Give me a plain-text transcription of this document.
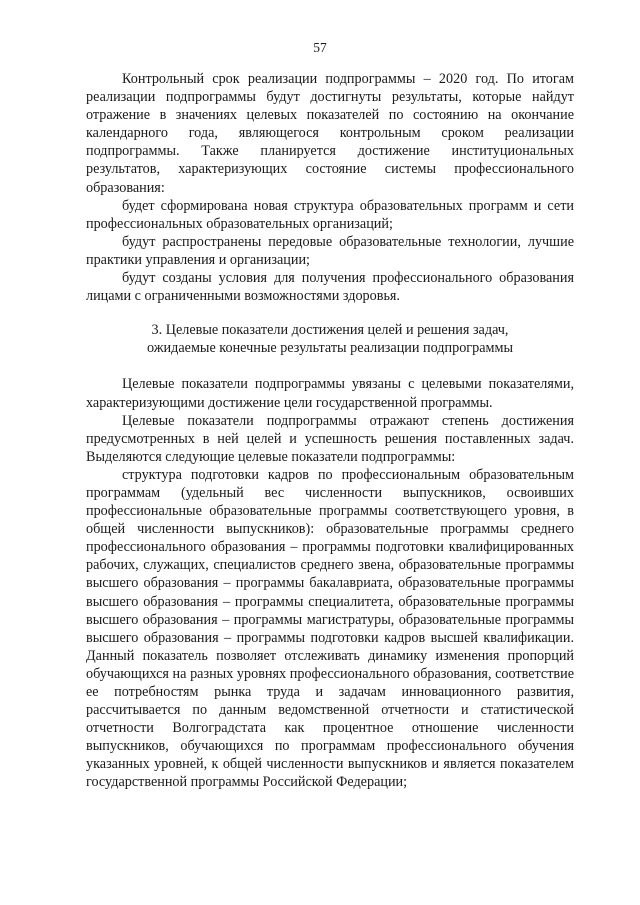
57

Контрольный срок реализации подпрограммы – 2020 год. По итогам реализации подпрограммы будут достигнуты результаты, которые найдут отражение в значениях целевых показателей по состоянию на окончание календарного года, являющегося контрольным сроком реализации подпрограммы. Также планируется достижение институциональных результатов, характеризующих состояние системы профессионального образования:

будет сформирована новая структура образовательных программ и сети профессиональных образовательных организаций;

будут распространены передовые образовательные технологии, лучшие практики управления и организации;

будут созданы условия для получения профессионального образования лицами с ограниченными возможностями здоровья.

3. Целевые показатели достижения целей и решения задач,
ожидаемые конечные результаты реализации подпрограммы

Целевые показатели подпрограммы увязаны с целевыми показателями, характеризующими достижение цели государственной программы.

Целевые показатели подпрограммы отражают степень достижения предусмотренных в ней целей и успешность решения поставленных задач. Выделяются следующие целевые показатели подпрограммы:

структура подготовки кадров по профессиональным образовательным программам (удельный вес численности выпускников, освоивших профессиональные образовательные программы соответствующего уровня, в общей численности выпускников): образовательные программы среднего профессионального образования – программы подготовки квалифицированных рабочих, служащих, специалистов среднего звена, образовательные программы высшего образования – программы бакалавриата, образовательные программы высшего образования – программы специалитета, образовательные программы высшего образования – программы магистратуры, образовательные программы высшего образования – программы подготовки кадров высшей квалификации. Данный показатель позволяет отслеживать динамику изменения пропорций обучающихся на разных уровнях профессионального образования, соответствие ее потребностям рынка труда и задачам инновационного развития, рассчитывается по данным ведомственной отчетности и статистической отчетности Волгоградстата как процентное отношение численности выпускников, обучающихся по программам профессионального обучения указанных уровней, к общей численности выпускников и является показателем государственной программы Российской Федерации;
